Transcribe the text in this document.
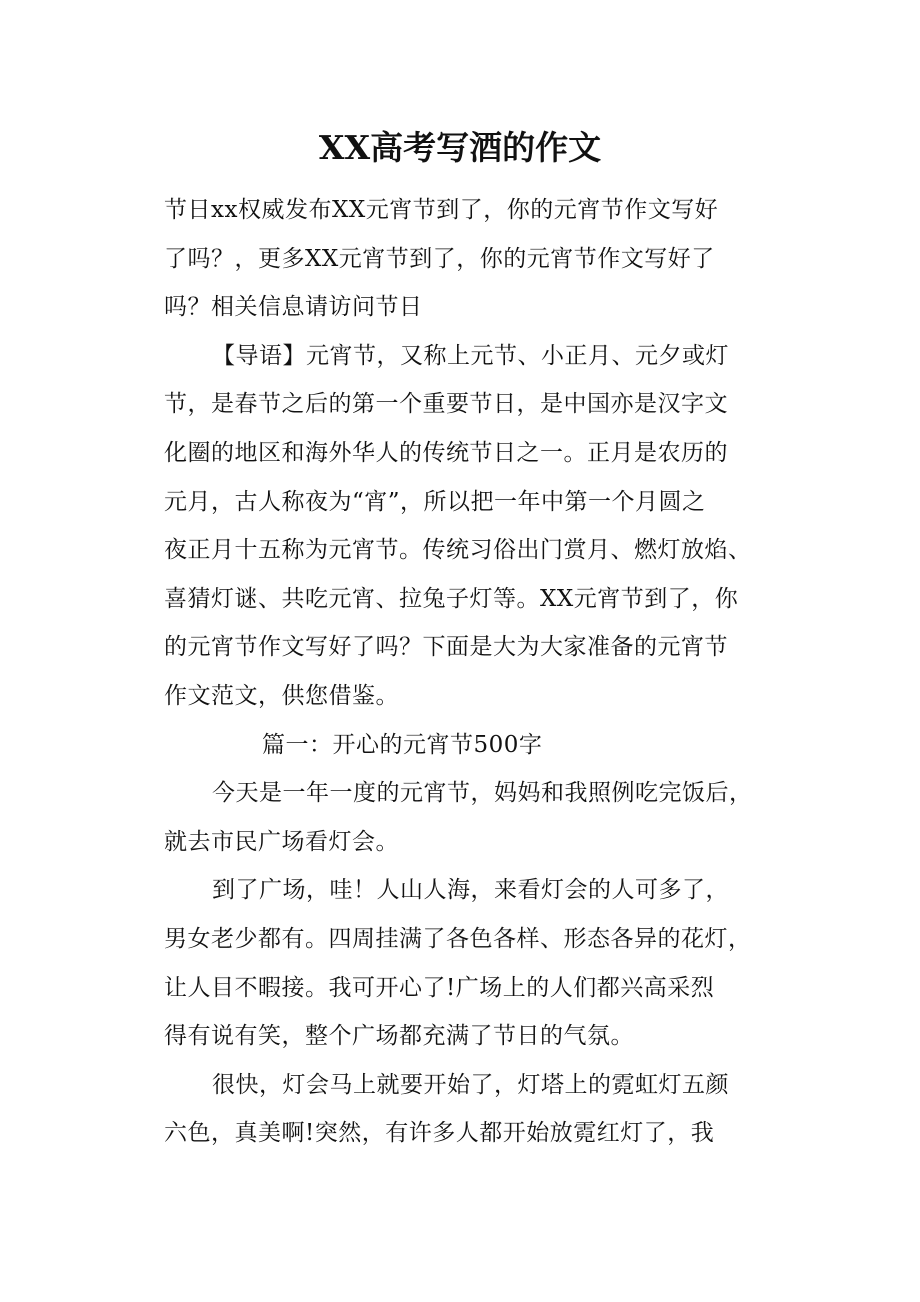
XX高考写酒的作文

节日xx权威发布XX元宵节到了，你的元宵节作文写好
了吗？，更多XX元宵节到了，你的元宵节作文写好了
吗？相关信息请访问节日

【导语】元宵节，又称上元节、小正月、元夕或灯
节，是春节之后的第一个重要节日，是中国亦是汉字文
化圈的地区和海外华人的传统节日之一。正月是农历的
元月，古人称夜为“宵”，所以把一年中第一个月圆之
夜正月十五称为元宵节。传统习俗出门赏月、燃灯放焰、
喜猜灯谜、共吃元宵、拉兔子灯等。XX元宵节到了，你
的元宵节作文写好了吗？下面是大为大家准备的元宵节
作文范文，供您借鉴。

篇一：开心的元宵节500字

今天是一年一度的元宵节，妈妈和我照例吃完饭后，
就去市民广场看灯会。

到了广场，哇！人山人海，来看灯会的人可多了，
男女老少都有。四周挂满了各色各样、形态各异的花灯，
让人目不暇接。我可开心了!广场上的人们都兴高采烈
得有说有笑，整个广场都充满了节日的气氛。

很快，灯会马上就要开始了，灯塔上的霓虹灯五颜
六色，真美啊!突然，有许多人都开始放霓红灯了，我
